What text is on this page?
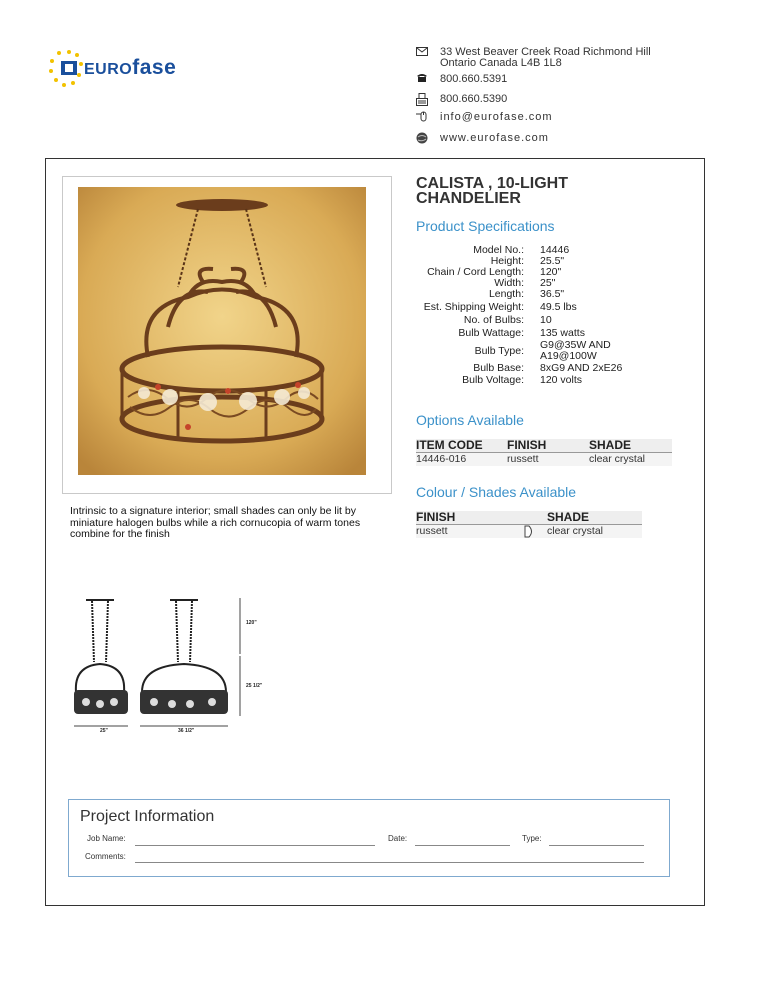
EUROfase
33 West Beaver Creek Road Richmond Hill
Ontario Canada L4B 1L8
800.660.5391
800.660.5390
info@eurofase.com
www.eurofase.com
Intrinsic to a signature interior; small shades can only be lit by miniature halogen bulbs while a rich cornucopia of warm tones combine for the finish
CALISTA , 10-LIGHT
CHANDELIER
Product Specifications
Model No.:	14446
Height:	25.5"
Chain / Cord Length:	120"
Width:	25"
Length:	36.5"
Est. Shipping Weight:	49.5 lbs
No. of Bulbs:	10
Bulb Wattage:	135 watts
Bulb Type:	G9@35W AND
A19@100W
Bulb Base:	8xG9 AND 2xE26
Bulb Voltage:	120 volts
Options Available
ITEM CODE	FINISH	SHADE
14446-016	russett	clear crystal
Colour / Shades Available
FINISH	SHADE
russett	clear crystal
120"
25 1/2"
25"	36 1/2"
Project Information
Job Name:	Date:	Type:
Comments:
